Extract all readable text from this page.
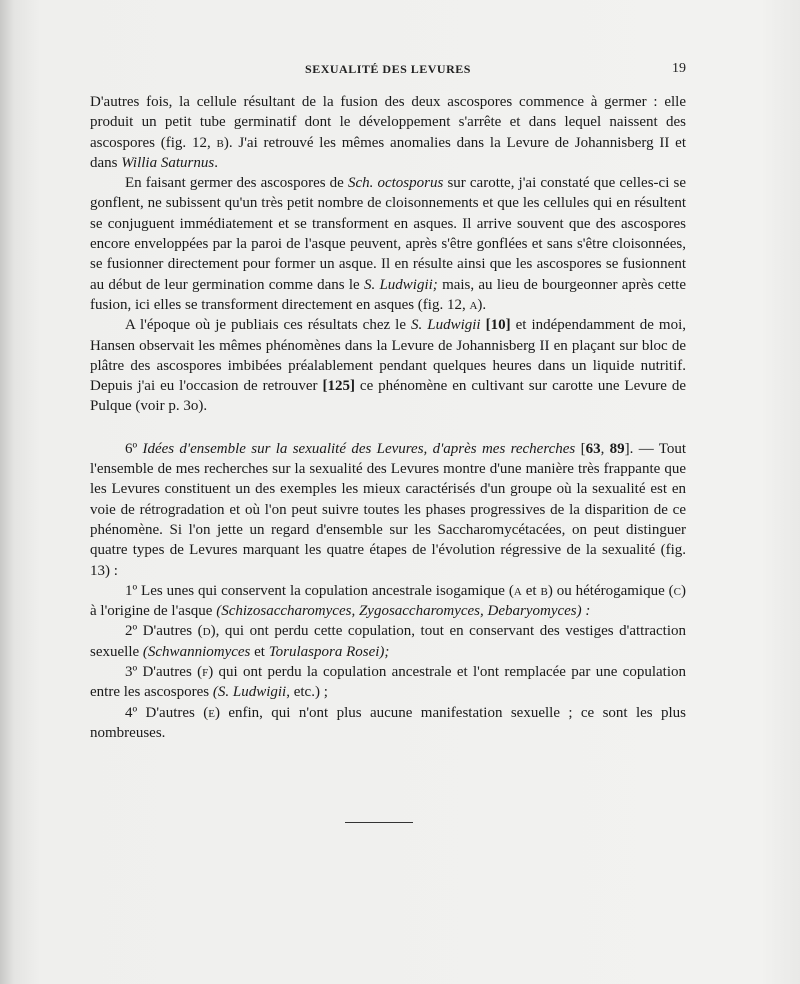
SEXUALITÉ DES LEVURES	19

D'autres fois, la cellule résultant de la fusion des deux ascospores commence à germer : elle produit un petit tube germinatif dont le développement s'arrête et dans lequel naissent des ascospores (fig. 12, b). J'ai retrouvé les mêmes anomalies dans la Levure de Johannisberg II et dans Willia Saturnus.

En faisant germer des ascospores de Sch. octosporus sur carotte, j'ai constaté que celles-ci se gonflent, ne subissent qu'un très petit nombre de cloisonnements et que les cellules qui en résultent se conjuguent immédiatement et se transforment en asques. Il arrive souvent que des ascospores encore enveloppées par la paroi de l'asque peuvent, après s'être gonflées et sans s'être cloisonnées, se fusionner directement pour former un asque. Il en résulte ainsi que les ascospores se fusionnent au début de leur germination comme dans le S. Ludwigii; mais, au lieu de bourgeonner après cette fusion, ici elles se transforment directement en asques (fig. 12, a).

A l'époque où je publiais ces résultats chez le S. Ludwigii [10] et indépendamment de moi, Hansen observait les mêmes phénomènes dans la Levure de Johannisberg II en plaçant sur bloc de plâtre des ascospores imbibées préalablement pendant quelques heures dans un liquide nutritif. Depuis j'ai eu l'occasion de retrouver [125] ce phénomène en cultivant sur carotte une Levure de Pulque (voir p. 3o).

6º Idées d'ensemble sur la sexualité des Levures, d'après mes recherches [63, 89]. — Tout l'ensemble de mes recherches sur la sexualité des Levures montre d'une manière très frappante que les Levures constituent un des exemples les mieux caractérisés d'un groupe où la sexualité est en voie de rétrogradation et où l'on peut suivre toutes les phases progressives de la disparition de ce phénomène. Si l'on jette un regard d'ensemble sur les Saccharomycétacées, on peut distinguer quatre types de Levures marquant les quatre étapes de l'évolution régressive de la sexualité (fig. 13) :

1º Les unes qui conservent la copulation ancestrale isogamique (a et b) ou hétérogamique (c) à l'origine de l'asque (Schizosaccharomyces, Zygosaccharomyces, Debaryomyces) :

2º D'autres (d), qui ont perdu cette copulation, tout en conservant des vestiges d'attraction sexuelle (Schwanniomyces et Torulaspora Rosei);

3º D'autres (f) qui ont perdu la copulation ancestrale et l'ont remplacée par une copulation entre les ascospores (S. Ludwigii, etc.) ;

4º D'autres (e) enfin, qui n'ont plus aucune manifestation sexuelle ; ce sont les plus nombreuses.
